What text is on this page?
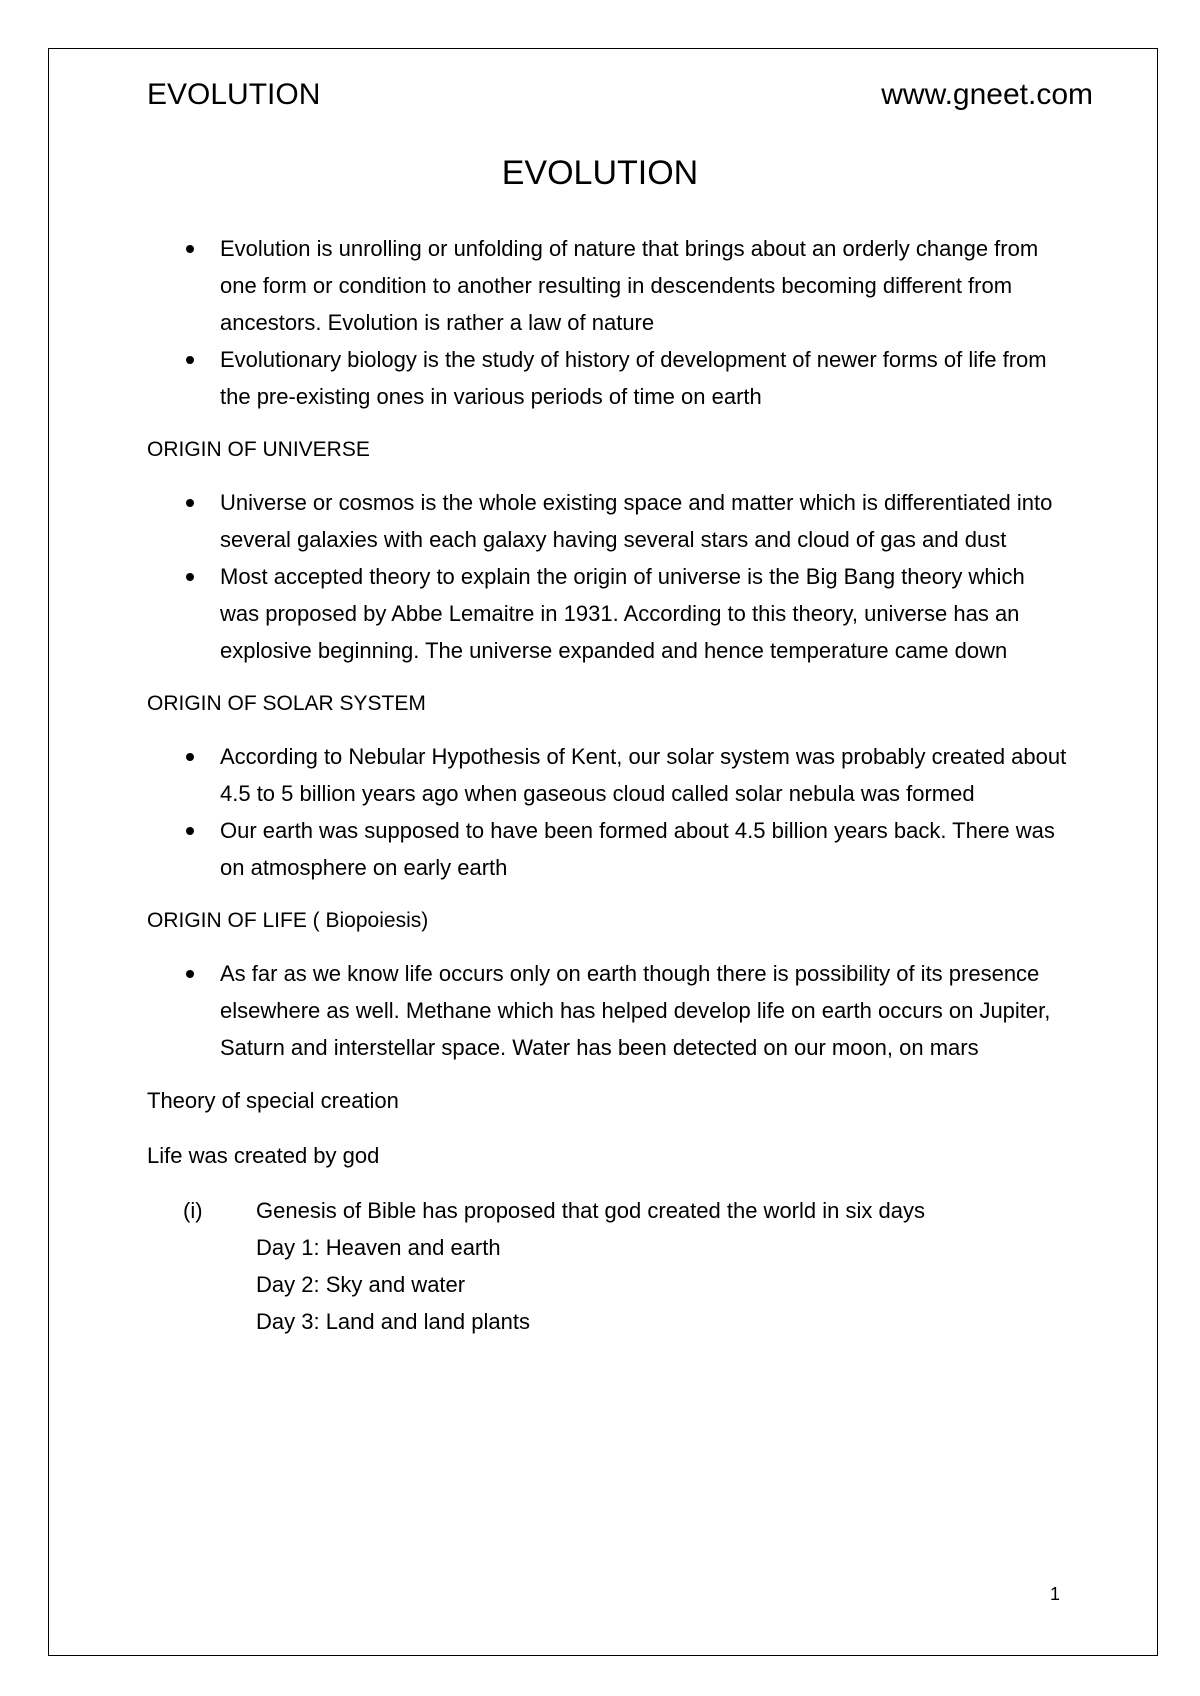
EVOLUTION	www.gneet.com
EVOLUTION
Evolution is unrolling or unfolding of nature that brings about an orderly change from one form or condition to another resulting in descendents becoming different from ancestors. Evolution is rather a law of nature
Evolutionary biology is the study of history of development of newer forms of life from the pre-existing ones in various periods of time on earth
ORIGIN OF UNIVERSE
Universe or cosmos is the whole existing space and matter which is differentiated into several galaxies with each galaxy having several stars and cloud of gas and dust
Most accepted theory to explain the origin of universe is the Big Bang theory which was proposed by Abbe Lemaitre in 1931. According to this theory, universe has an explosive beginning. The universe expanded and hence temperature came down
ORIGIN OF SOLAR SYSTEM
According to Nebular Hypothesis of Kent, our solar system was probably created about 4.5 to 5 billion years ago when gaseous cloud called solar nebula was formed
Our earth was supposed to have been formed about 4.5 billion years back. There was on atmosphere on early earth
ORIGIN OF LIFE ( Biopoiesis)
As far as we know life occurs only on earth though there is possibility of its presence elsewhere as well. Methane which has helped develop life on earth occurs on Jupiter, Saturn and interstellar space. Water has been detected on our moon, on mars
Theory of special creation
Life was created by god
(i)	Genesis of Bible has proposed that god created the world in six days
Day 1: Heaven and earth
Day 2: Sky and water
Day 3: Land and land plants
1
